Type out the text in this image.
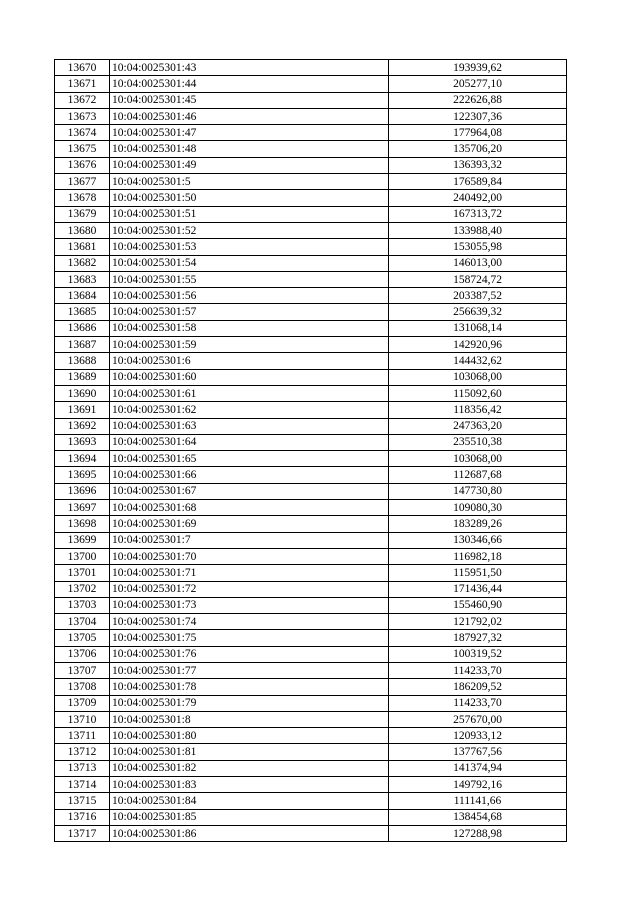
13670	10:04:0025301:43	193939,62
13671	10:04:0025301:44	205277,10
13672	10:04:0025301:45	222626,88
13673	10:04:0025301:46	122307,36
13674	10:04:0025301:47	177964,08
13675	10:04:0025301:48	135706,20
13676	10:04:0025301:49	136393,32
13677	10:04:0025301:5	176589,84
13678	10:04:0025301:50	240492,00
13679	10:04:0025301:51	167313,72
13680	10:04:0025301:52	133988,40
13681	10:04:0025301:53	153055,98
13682	10:04:0025301:54	146013,00
13683	10:04:0025301:55	158724,72
13684	10:04:0025301:56	203387,52
13685	10:04:0025301:57	256639,32
13686	10:04:0025301:58	131068,14
13687	10:04:0025301:59	142920,96
13688	10:04:0025301:6	144432,62
13689	10:04:0025301:60	103068,00
13690	10:04:0025301:61	115092,60
13691	10:04:0025301:62	118356,42
13692	10:04:0025301:63	247363,20
13693	10:04:0025301:64	235510,38
13694	10:04:0025301:65	103068,00
13695	10:04:0025301:66	112687,68
13696	10:04:0025301:67	147730,80
13697	10:04:0025301:68	109080,30
13698	10:04:0025301:69	183289,26
13699	10:04:0025301:7	130346,66
13700	10:04:0025301:70	116982,18
13701	10:04:0025301:71	115951,50
13702	10:04:0025301:72	171436,44
13703	10:04:0025301:73	155460,90
13704	10:04:0025301:74	121792,02
13705	10:04:0025301:75	187927,32
13706	10:04:0025301:76	100319,52
13707	10:04:0025301:77	114233,70
13708	10:04:0025301:78	186209,52
13709	10:04:0025301:79	114233,70
13710	10:04:0025301:8	257670,00
13711	10:04:0025301:80	120933,12
13712	10:04:0025301:81	137767,56
13713	10:04:0025301:82	141374,94
13714	10:04:0025301:83	149792,16
13715	10:04:0025301:84	111141,66
13716	10:04:0025301:85	138454,68
13717	10:04:0025301:86	127288,98
